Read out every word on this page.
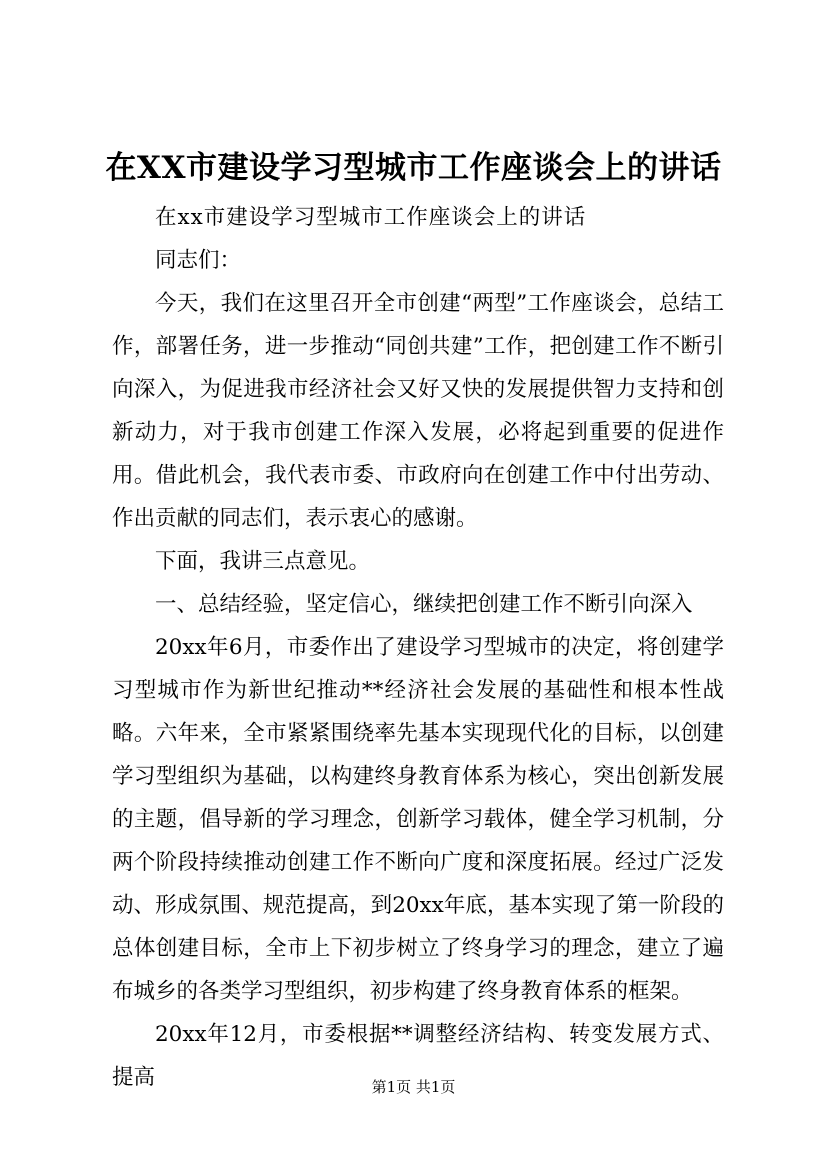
在XX市建设学习型城市工作座谈会上的讲话

在xx市建设学习型城市工作座谈会上的讲话

同志们：

今天，我们在这里召开全市创建“两型”工作座谈会，总结工作，部署任务，进一步推动“同创共建”工作，把创建工作不断引向深入，为促进我市经济社会又好又快的发展提供智力支持和创新动力，对于我市创建工作深入发展，必将起到重要的促进作用。借此机会，我代表市委、市政府向在创建工作中付出劳动、作出贡献的同志们，表示衷心的感谢。

下面，我讲三点意见。

一、总结经验，坚定信心，继续把创建工作不断引向深入

20xx年6月，市委作出了建设学习型城市的决定，将创建学习型城市作为新世纪推动**经济社会发展的基础性和根本性战略。六年来，全市紧紧围绕率先基本实现现代化的目标，以创建学习型组织为基础，以构建终身教育体系为核心，突出创新发展的主题，倡导新的学习理念，创新学习载体，健全学习机制，分两个阶段持续推动创建工作不断向广度和深度拓展。经过广泛发动、形成氛围、规范提高，到20xx年底，基本实现了第一阶段的总体创建目标，全市上下初步树立了终身学习的理念，建立了遍布城乡的各类学习型组织，初步构建了终身教育体系的框架。

20xx年12月，市委根据**调整经济结构、转变发展方式、提高	第1页 共1页
